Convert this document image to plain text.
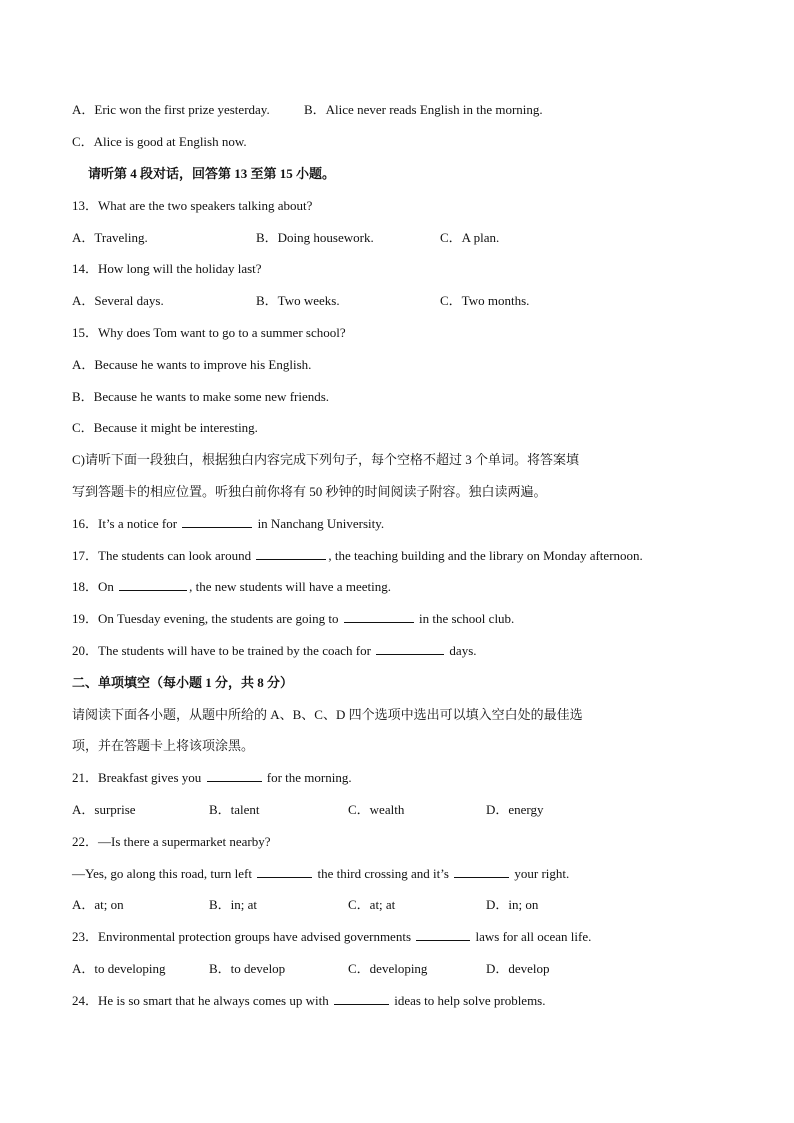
A．Eric won the first prize yesterday.	B．Alice never reads English in the morning.
C．Alice is good at English now.
请听第 4 段对话，回答第 13 至第 15 小题。
13．What are the two speakers talking about?
A．Traveling.	B．Doing housework.	C．A plan.
14．How long will the holiday last?
A．Several days.	B．Two weeks.	C．Two months.
15．Why does Tom want to go to a summer school?
A．Because he wants to improve his English.
B．Because he wants to make some new friends.
C．Because it might be interesting.
C)请听下面一段独白，根据独白内容完成下列句子，每个空格不超过 3 个单词。将答案填
写到答题卡的相应位置。听独白前你将有 50 秒钟的时间阅读子附容。独白读两遍。
16．It’s a notice for	in Nanchang University.
17．The students can look around	, the teaching building and the library on Monday afternoon.
18．On	, the new students will have a meeting.
19．On Tuesday evening, the students are going to	in the school club.
20．The students will have to be trained by the coach for	days.
二、单项填空（每小题 1 分，共 8 分）
请阅读下面各小题，从题中所给的 A、B、C、D 四个选项中选出可以填入空白处的最佳选
项，并在答题卡上将该项涂黑。
21．Breakfast gives you	for the morning.
A．surprise	B．talent	C．wealth	D．energy
22．—Is there a supermarket nearby?
—Yes, go along this road, turn left	the third crossing and it’s	your right.
A．at; on	B．in; at	C．at; at	D．in; on
23．Environmental protection groups have advised governments	laws for all ocean life.
A．to developing	B．to develop	C．developing	D．develop
24．He is so smart that he always comes up with	ideas to help solve problems.
